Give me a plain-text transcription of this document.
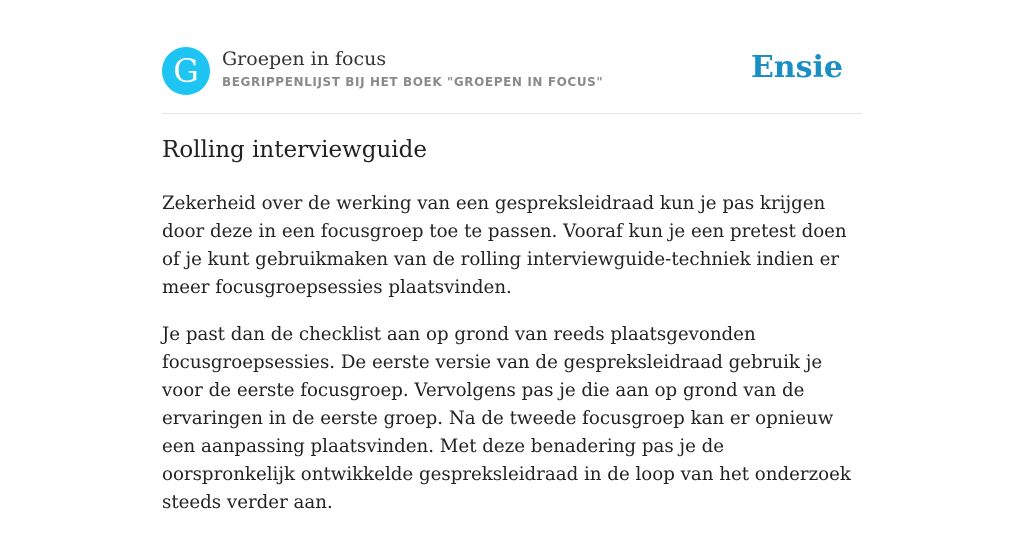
G	Groepen in focus
BEGRIPPENLIJST BIJ HET BOEK "GROEPEN IN FOCUS"	Ensie
Rolling interviewguide

Zekerheid over de werking van een gespreksleidraad kun je pas krijgen door deze in een focusgroep toe te passen. Vooraf kun je een pretest doen of je kunt gebruikmaken van de rolling interviewguide-techniek indien er meer focusgroepsessies plaatsvinden.

Je past dan de checklist aan op grond van reeds plaatsgevonden focusgroepsessies. De eerste versie van de gespreksleidraad gebruik je voor de eerste focusgroep. Vervolgens pas je die aan op grond van de ervaringen in de eerste groep. Na de tweede focusgroep kan er opnieuw een aanpassing plaatsvinden. Met deze benadering pas je de oorspronkelijk ontwikkelde gespreksleidraad in de loop van het onderzoek steeds verder aan.
